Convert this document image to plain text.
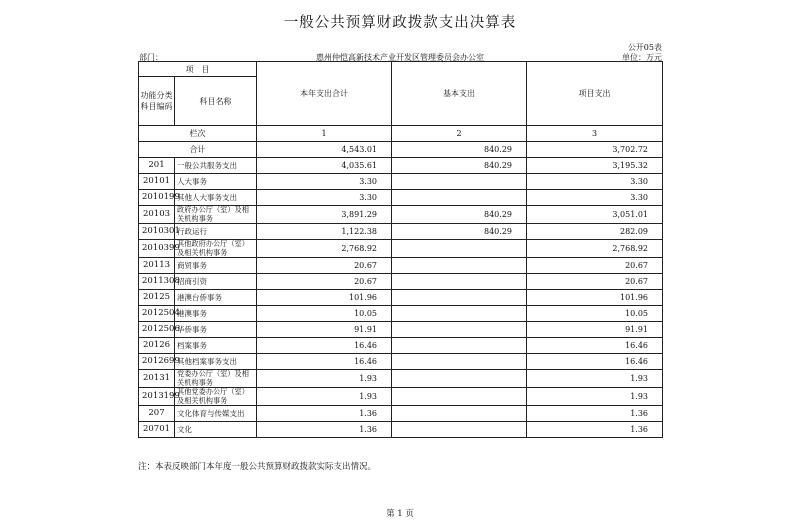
一般公共预算财政拨款支出决算表
公开05表
部门：	惠州仲恺高新技术产业开发区管理委员会办公室	单位：万元
项　目		本年支出合计	基本支出	项目支出
功能分类科目编码	科目名称			
栏次		1	2	3
合计		4,543.01	840.29	3,702.72
201	一般公共服务支出	4,035.61	840.29	3,195.32
20101	人大事务	3.30		3.30
2010199	其他人大事务支出	3.30		3.30
20103	政府办公厅（室）及相关机构事务	3,891.29	840.29	3,051.01
2010301	行政运行	1,122.38	840.29	282.09
2010399	其他政府办公厅（室）及相关机构事务	2,768.92		2,768.92
20113	商贸事务	20.67		20.67
2011308	招商引资	20.67		20.67
20125	港澳台侨事务	101.96		101.96
2012504	港澳事务	10.05		10.05
2012506	华侨事务	91.91		91.91
20126	档案事务	16.46		16.46
2012699	其他档案事务支出	16.46		16.46
20131	党委办公厅（室）及相关机构事务	1.93		1.93
2013199	其他党委办公厅（室）及相关机构事务	1.93		1.93
207	文化体育与传媒支出	1.36		1.36
20701	文化	1.36		1.36
注：本表反映部门本年度一般公共预算财政拨款实际支出情况。
第 1 页
